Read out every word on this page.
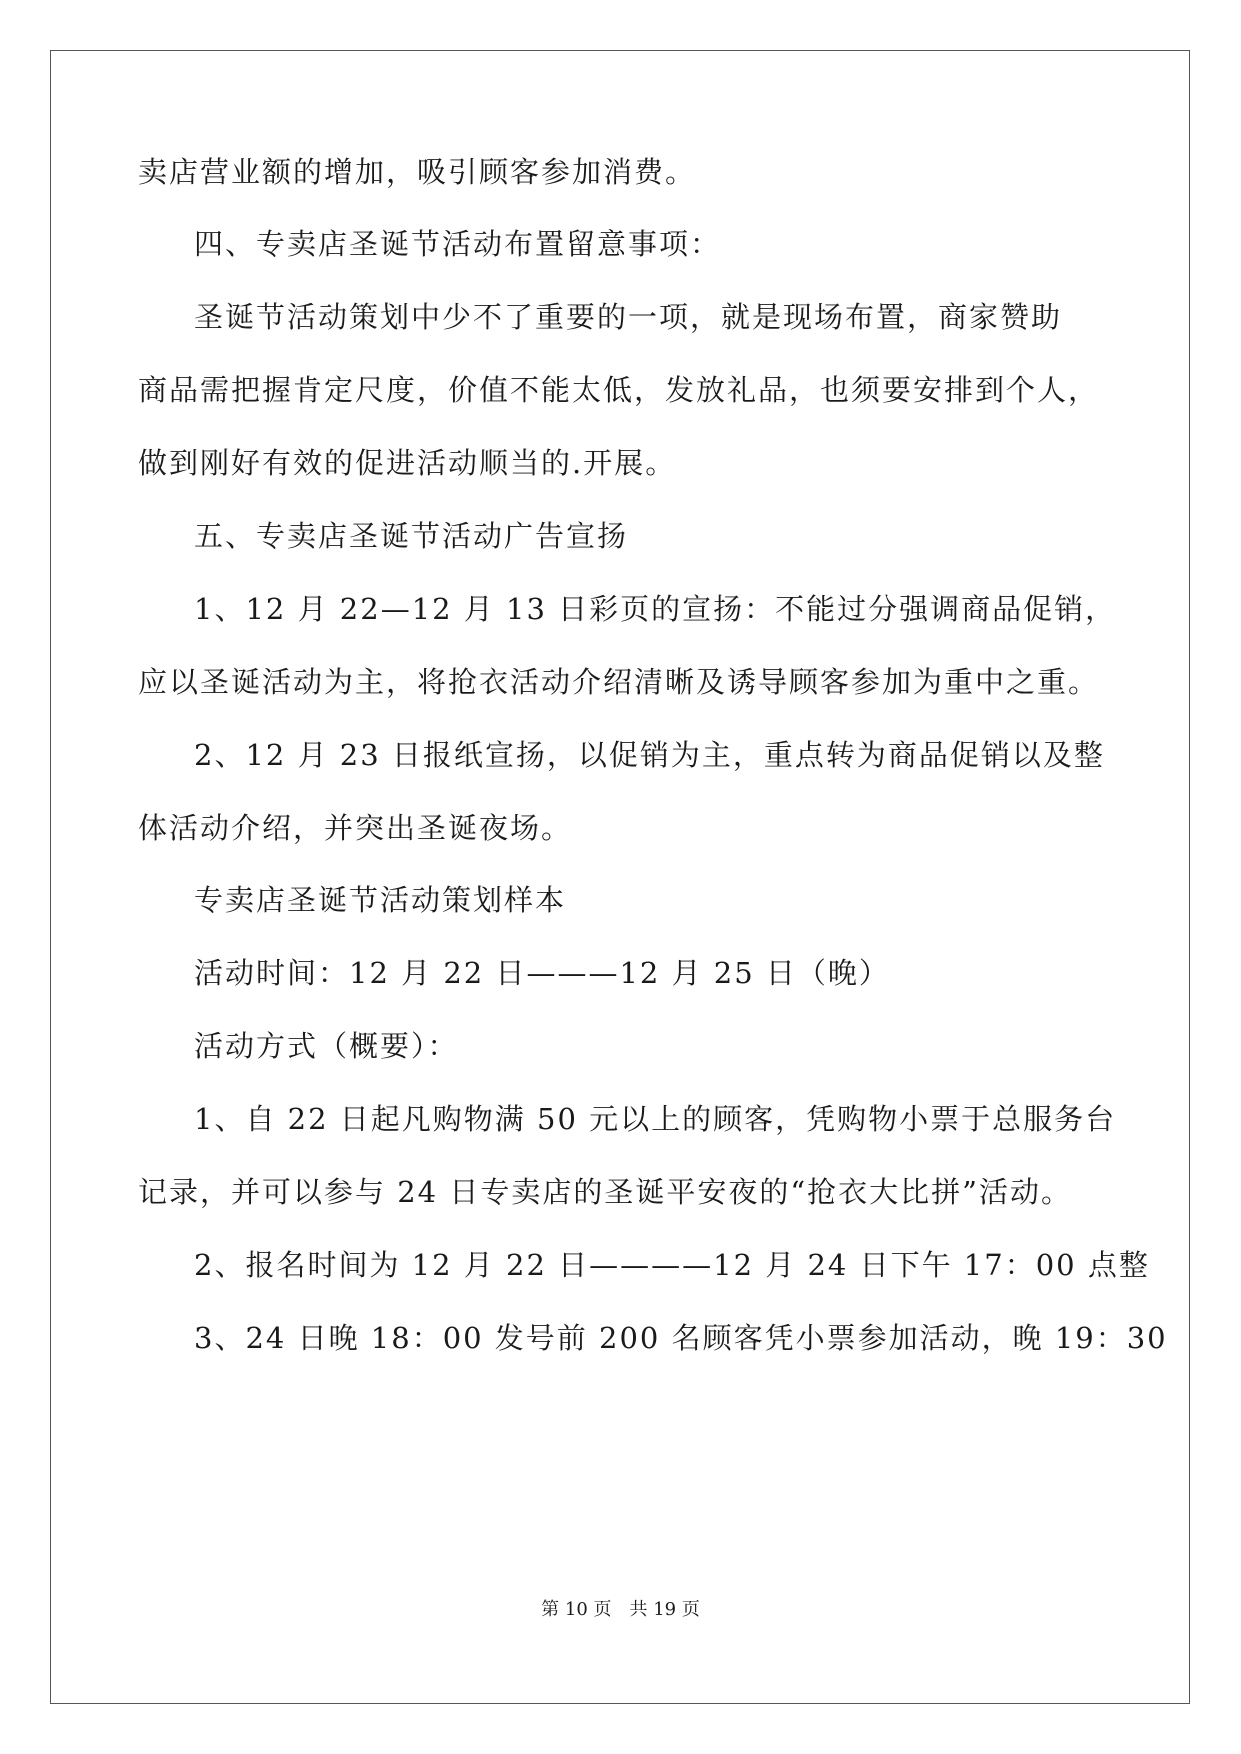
卖店营业额的增加，吸引顾客参加消费。
四、专卖店圣诞节活动布置留意事项：
圣诞节活动策划中少不了重要的一项，就是现场布置，商家赞助
商品需把握肯定尺度，价值不能太低，发放礼品，也须要安排到个人，
做到刚好有效的促进活动顺当的.开展。
五、专卖店圣诞节活动广告宣扬
1、12 月 22—12 月 13 日彩页的宣扬：不能过分强调商品促销，
应以圣诞活动为主，将抢衣活动介绍清晰及诱导顾客参加为重中之重。
2、12 月 23 日报纸宣扬，以促销为主，重点转为商品促销以及整
体活动介绍，并突出圣诞夜场。
专卖店圣诞节活动策划样本
活动时间：12 月 22 日———12 月 25 日（晚）
活动方式（概要）：
1、自 22 日起凡购物满 50 元以上的顾客，凭购物小票于总服务台
记录，并可以参与 24 日专卖店的圣诞平安夜的“抢衣大比拼”活动。
2、报名时间为 12 月 22 日————12 月 24 日下午 17：00 点整
3、24 日晚 18：00 发号前 200 名顾客凭小票参加活动，晚 19：30
第 10 页　共 19 页
